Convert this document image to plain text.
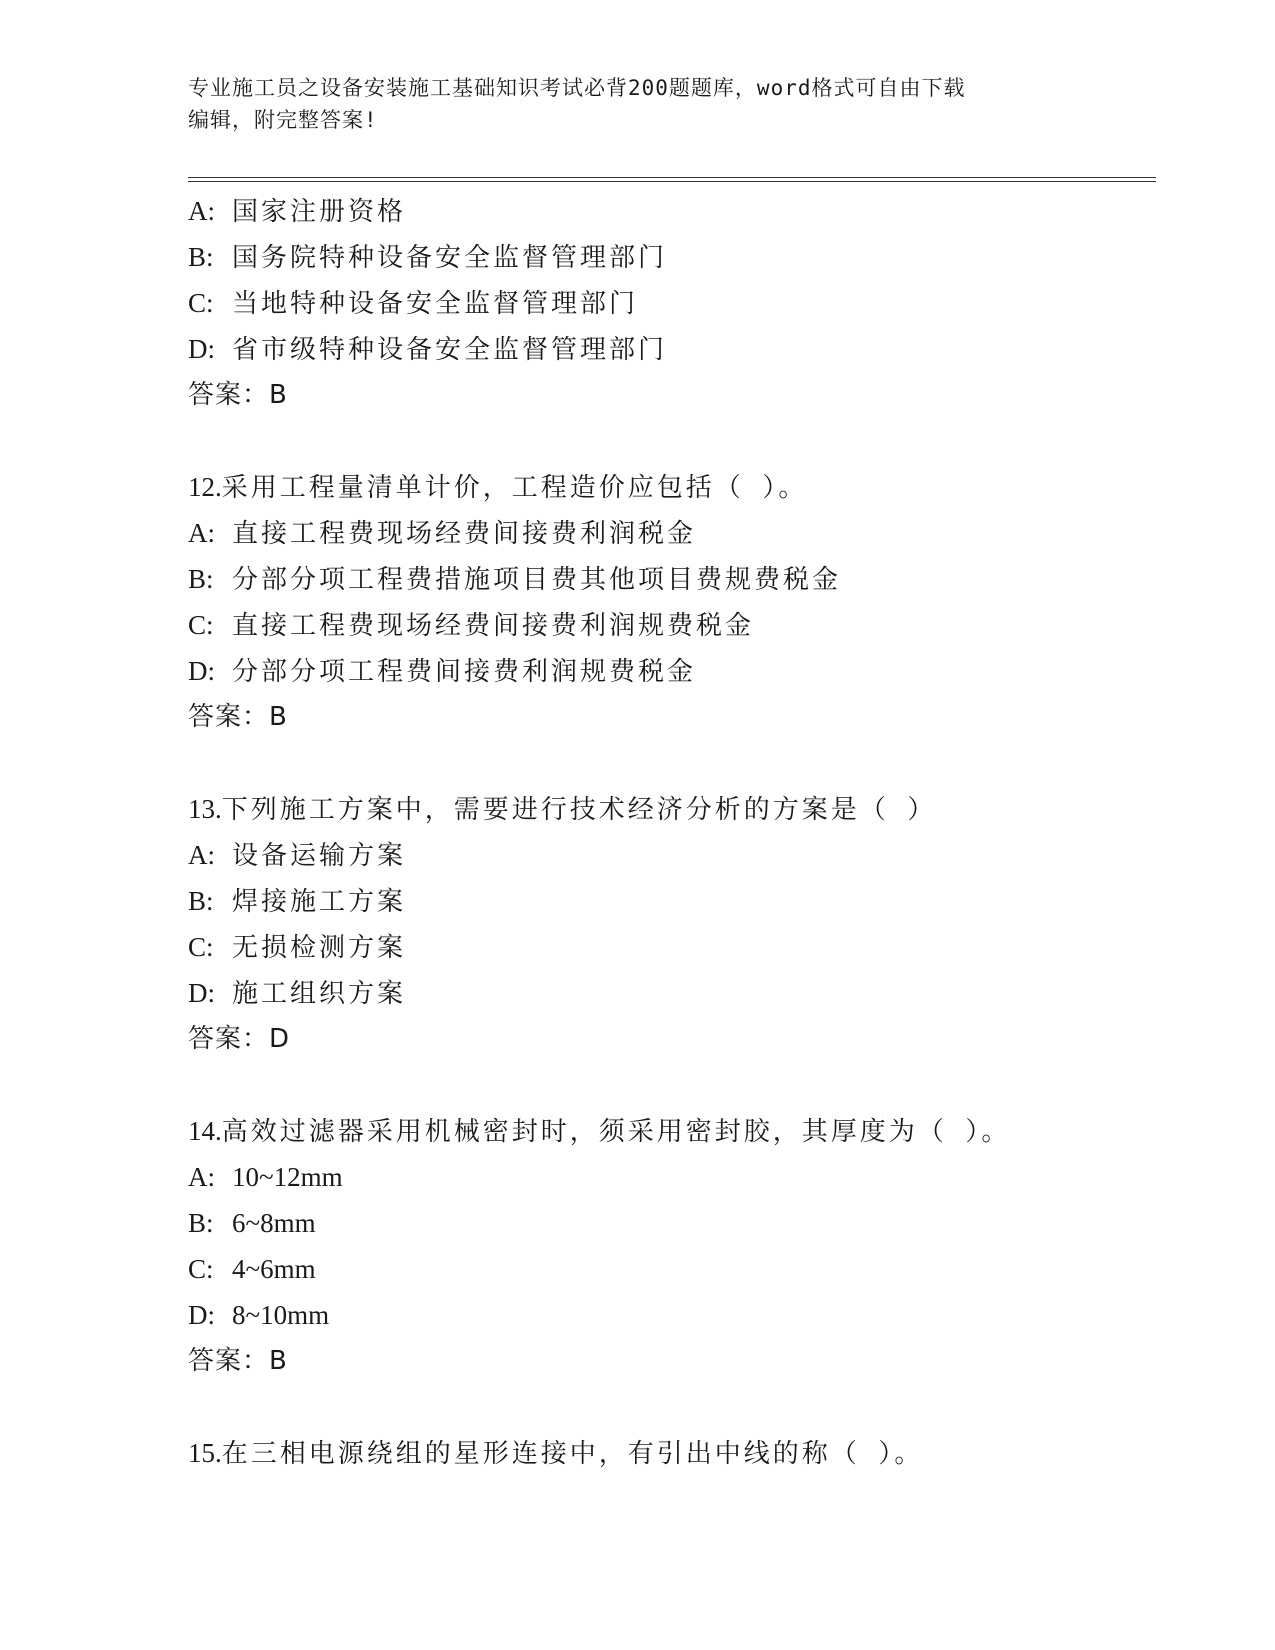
专业施工员之设备安装施工基础知识考试必背200题题库，word格式可自由下载
编辑，附完整答案!
A: 国家注册资格
B: 国务院特种设备安全监督管理部门
C: 当地特种设备安全监督管理部门
D: 省市级特种设备安全监督管理部门
答案：B
12.采用工程量清单计价，工程造价应包括（ ）。
A: 直接工程费现场经费间接费利润税金
B: 分部分项工程费措施项目费其他项目费规费税金
C: 直接工程费现场经费间接费利润规费税金
D: 分部分项工程费间接费利润规费税金
答案：B
13.下列施工方案中，需要进行技术经济分析的方案是（ ）
A: 设备运输方案
B: 焊接施工方案
C: 无损检测方案
D: 施工组织方案
答案：D
14.高效过滤器采用机械密封时，须采用密封胶，其厚度为（ ）。
A: 10~12mm
B: 6~8mm
C: 4~6mm
D: 8~10mm
答案：B
15.在三相电源绕组的星形连接中，有引出中线的称（ ）。
